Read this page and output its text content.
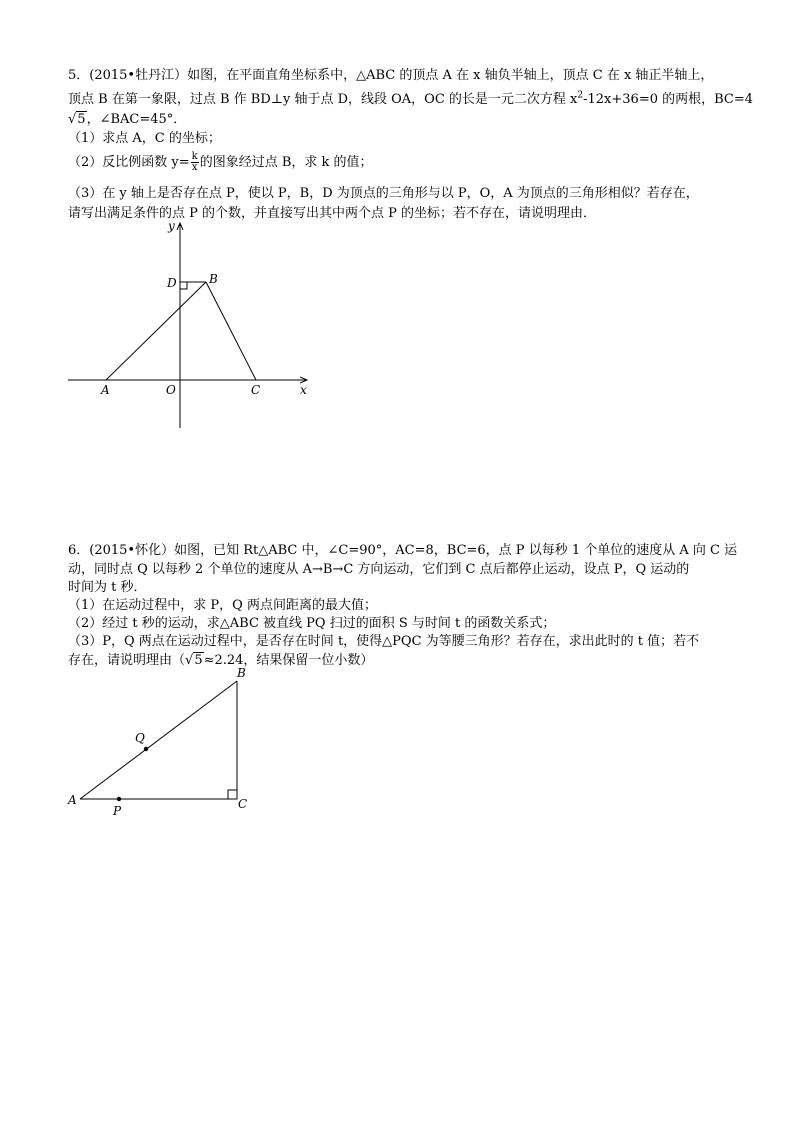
5．(2015•牡丹江）如图，在平面直角坐标系中，△ABC 的顶点 A 在 x 轴负半轴上，顶点 C 在 x 轴正半轴上，
顶点 B 在第一象限，过点 B 作 BD⊥y 轴于点 D，线段 OA，OC 的长是一元二次方程 $x^2-12x+36=0$ 的两根，BC=4
√5，∠BAC=45°．
（1）求点 A，C 的坐标；
（2）反比例函数 $y= \frac{k}{x}$ 的图象经过点 B，求 k 的值；
（3）在 y 轴上是否存在点 P，使以 P，B，D 为顶点的三角形与以 P，O，A 为顶点的三角形相似？若存在，
请写出满足条件的点 P 的个数，并直接写出其中两个点 P 的坐标；若不存在，请说明理由．
6．(2015•怀化）如图，已知 Rt△ABC 中，∠C=90°，AC=8，BC=6，点 P 以每秒 1 个单位的速度从 A 向 C 运
动，同时点 Q 以每秒 2 个单位的速度从 A→B→C 方向运动，它们到 C 点后都停止运动，设点 P，Q 运动的
时间为 t 秒．
（1）在运动过程中，求 P，Q 两点间距离的最大值；
（2）经过 t 秒的运动，求△ABC 被直线 PQ 扫过的面积 S 与时间 t 的函数关系式；
（3）P，Q 两点在运动过程中，是否存在时间 t，使得△PQC 为等腰三角形？若存在，求出此时的 t 值；若不
存在，请说明理由（√5≈2.24，结果保留一位小数）
y
x
D	B
A	O	C
B
Q
A
P	C
